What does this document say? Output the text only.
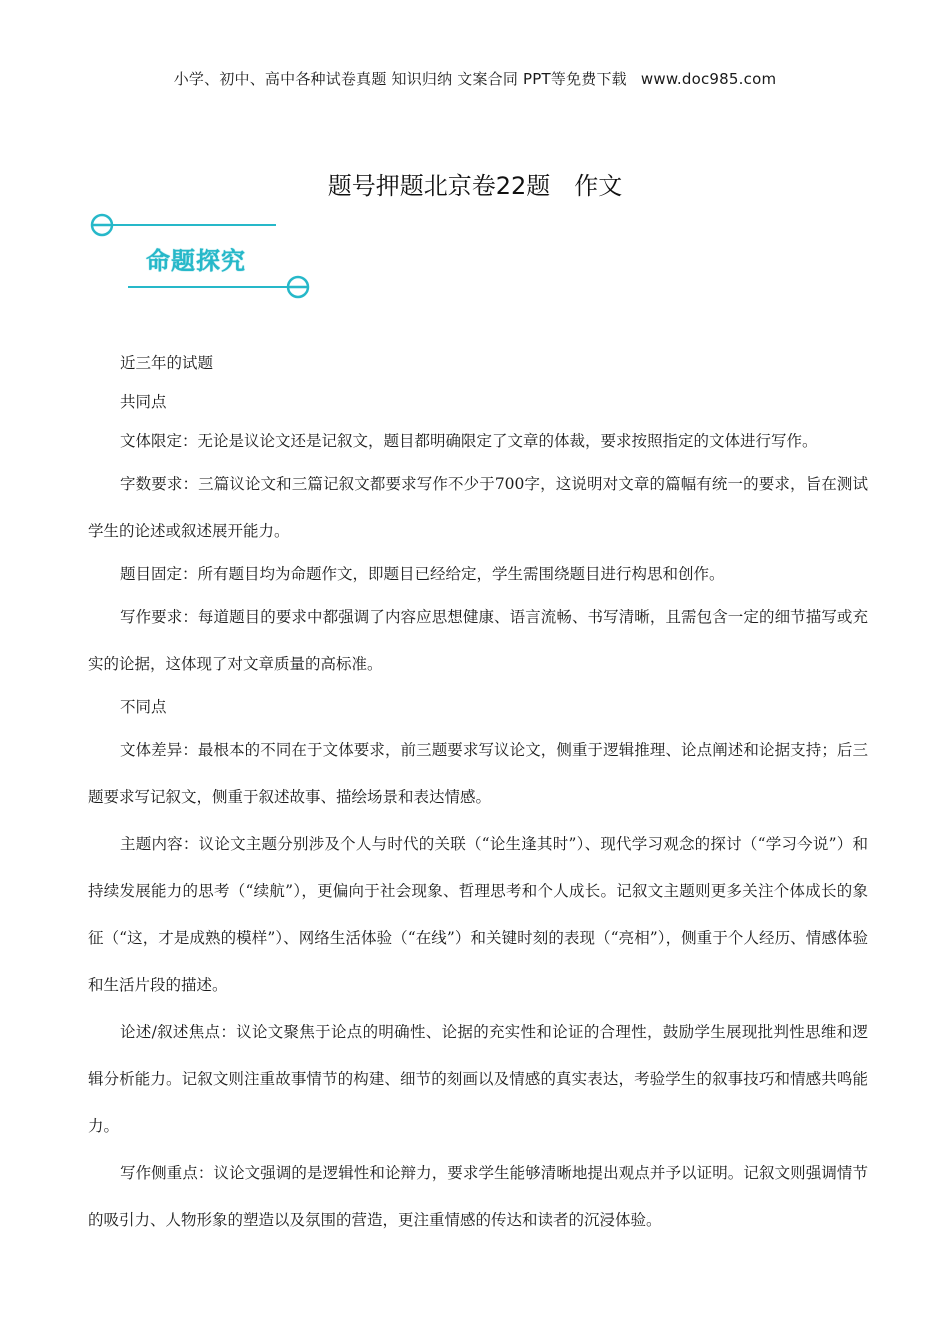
小学、初中、高中各种试卷真题 知识归纳 文案合同 PPT等免费下载 www.doc985.com
题号押题北京卷22题　作文
命题探究

近三年的试题

共同点

文体限定：无论是议论文还是记叙文，题目都明确限定了文章的体裁，要求按照指定的文体进行写作。

字数要求：三篇议论文和三篇记叙文都要求写作不少于700字，这说明对文章的篇幅有统一的要求，旨在测试学生的论述或叙述展开能力。

题目固定：所有题目均为命题作文，即题目已经给定，学生需围绕题目进行构思和创作。

写作要求：每道题目的要求中都强调了内容应思想健康、语言流畅、书写清晰，且需包含一定的细节描写或充实的论据，这体现了对文章质量的高标准。

不同点

文体差异：最根本的不同在于文体要求，前三题要求写议论文，侧重于逻辑推理、论点阐述和论据支持；后三题要求写记叙文，侧重于叙述故事、描绘场景和表达情感。

主题内容：议论文主题分别涉及个人与时代的关联（“论生逢其时”）、现代学习观念的探讨（“学习今说”）和持续发展能力的思考（“续航”），更偏向于社会现象、哲理思考和个人成长。记叙文主题则更多关注个体成长的象征（“这，才是成熟的模样”）、网络生活体验（“在线”）和关键时刻的表现（“亮相”），侧重于个人经历、情感体验和生活片段的描述。

论述/叙述焦点：议论文聚焦于论点的明确性、论据的充实性和论证的合理性，鼓励学生展现批判性思维和逻辑分析能力。记叙文则注重故事情节的构建、细节的刻画以及情感的真实表达，考验学生的叙事技巧和情感共鸣能力。

写作侧重点：议论文强调的是逻辑性和论辩力，要求学生能够清晰地提出观点并予以证明。记叙文则强调情节的吸引力、人物形象的塑造以及氛围的营造，更注重情感的传达和读者的沉浸体验。
